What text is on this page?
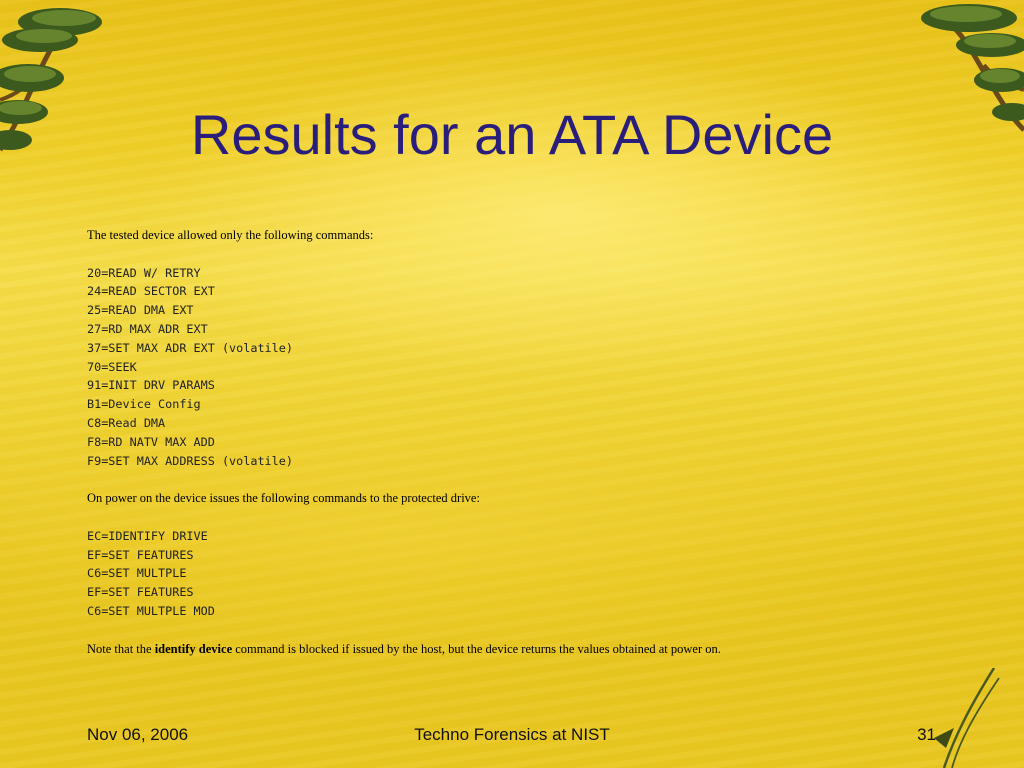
Results for an ATA Device

The tested device allowed only the following commands:

20=READ W/ RETRY

24=READ SECTOR EXT

25=READ DMA EXT

27=RD MAX ADR EXT

37=SET MAX ADR EXT (volatile)

70=SEEK

91=INIT DRV PARAMS

B1=Device Config

C8=Read DMA

F8=RD NATV MAX ADD

F9=SET MAX ADDRESS (volatile)

On power on the device issues the following commands to the protected drive:

EC=IDENTIFY DRIVE

EF=SET FEATURES

C6=SET MULTPLE

EF=SET FEATURES

C6=SET MULTPLE MOD

Note that the identify device command is blocked if issued by the host, but the device returns the values obtained at power on.

Nov 06, 2006	Techno Forensics at NIST	31
